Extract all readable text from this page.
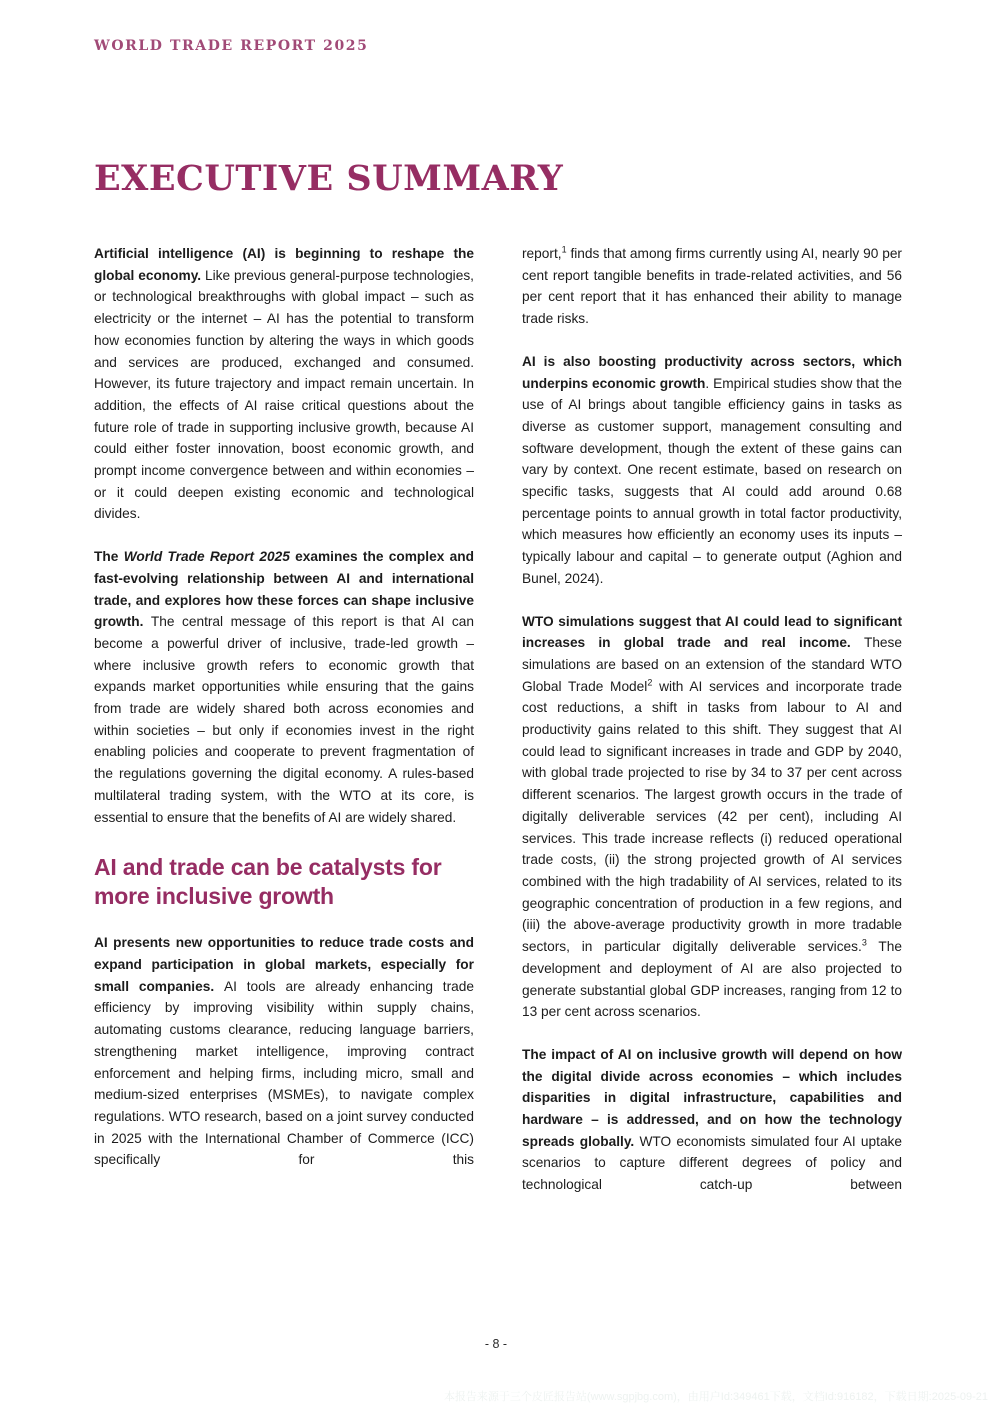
WORLD TRADE REPORT 2025

EXECUTIVE SUMMARY

Artificial intelligence (AI) is beginning to reshape the global economy. Like previous general-purpose technologies, or technological breakthroughs with global impact – such as electricity or the internet – AI has the potential to transform how economies function by altering the ways in which goods and services are produced, exchanged and consumed. However, its future trajectory and impact remain uncertain. In addition, the effects of AI raise critical questions about the future role of trade in supporting inclusive growth, because AI could either foster innovation, boost economic growth, and prompt income convergence between and within economies – or it could deepen existing economic and technological divides.

The World Trade Report 2025 examines the complex and fast-evolving relationship between AI and international trade, and explores how these forces can shape inclusive growth. The central message of this report is that AI can become a powerful driver of inclusive, trade-led growth – where inclusive growth refers to economic growth that expands market opportunities while ensuring that the gains from trade are widely shared both across economies and within societies – but only if economies invest in the right enabling policies and cooperate to prevent fragmentation of the regulations governing the digital economy. A rules-based multilateral trading system, with the WTO at its core, is essential to ensure that the benefits of AI are widely shared.

AI and trade can be catalysts for more inclusive growth

AI presents new opportunities to reduce trade costs and expand participation in global markets, especially for small companies. AI tools are already enhancing trade efficiency by improving visibility within supply chains, automating customs clearance, reducing language barriers, strengthening market intelligence, improving contract enforcement and helping firms, including micro, small and medium-sized enterprises (MSMEs), to navigate complex regulations. WTO research, based on a joint survey conducted in 2025 with the International Chamber of Commerce (ICC) specifically for this

report,$^1$ finds that among firms currently using AI, nearly 90 per cent report tangible benefits in trade-related activities, and 56 per cent report that it has enhanced their ability to manage trade risks.

AI is also boosting productivity across sectors, which underpins economic growth. Empirical studies show that the use of AI brings about tangible efficiency gains in tasks as diverse as customer support, management consulting and software development, though the extent of these gains can vary by context. One recent estimate, based on research on specific tasks, suggests that AI could add around 0.68 percentage points to annual growth in total factor productivity, which measures how efficiently an economy uses its inputs – typically labour and capital – to generate output (Aghion and Bunel, 2024).

WTO simulations suggest that AI could lead to significant increases in global trade and real income. These simulations are based on an extension of the standard WTO Global Trade Model$^2$ with AI services and incorporate trade cost reductions, a shift in tasks from labour to AI and productivity gains related to this shift. They suggest that AI could lead to significant increases in trade and GDP by 2040, with global trade projected to rise by 34 to 37 per cent across different scenarios. The largest growth occurs in the trade of digitally deliverable services (42 per cent), including AI services. This trade increase reflects (i) reduced operational trade costs, (ii) the strong projected growth of AI services combined with the high tradability of AI services, related to its geographic concentration of production in a few regions, and (iii) the above-average productivity growth in more tradable sectors, in particular digitally deliverable services.$^3$ The development and deployment of AI are also projected to generate substantial global GDP increases, ranging from 12 to 13 per cent across scenarios.

The impact of AI on inclusive growth will depend on how the digital divide across economies – which includes disparities in digital infrastructure, capabilities and hardware – is addressed, and on how the technology spreads globally. WTO economists simulated four AI uptake scenarios to capture different degrees of policy and technological catch-up between

- 8 -
本报告来源于三个皮匠报告站(www.sgpjbg.com)，由用户Id:349461下载，文档Id:916182，下载日期:2025-09-21
